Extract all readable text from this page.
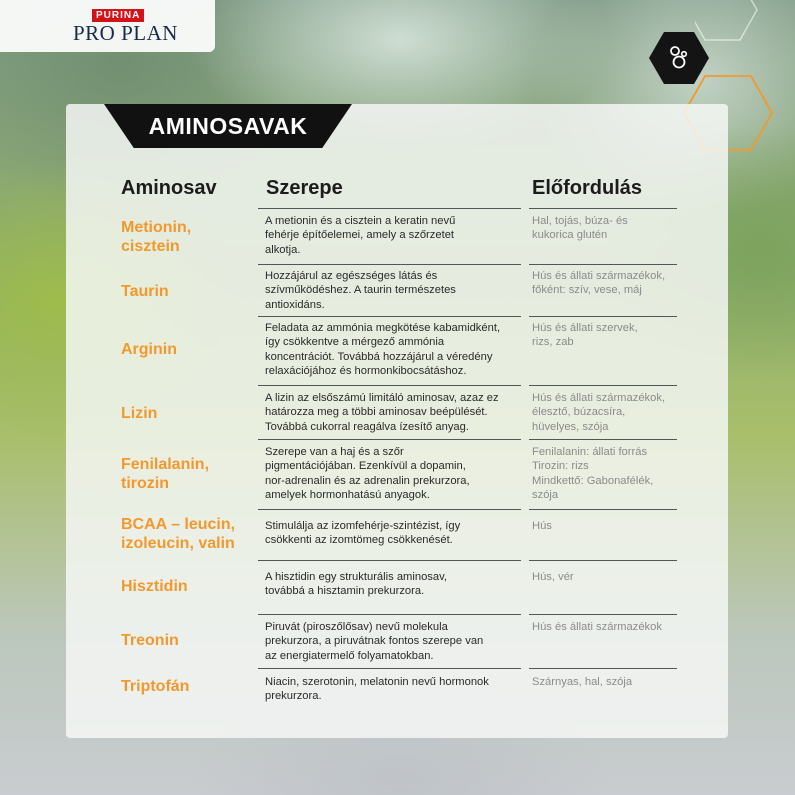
PURINA
PRO PLAN
AMINOSAVAK
Aminosav Szerepe	Előfordulás
Metionin,
cisztein
A metionin és a cisztein a keratin nevű
fehérje építőelemei, amely a szőrzetet
alkotja.
Hal, tojás, búza- és
kukorica glutén
Taurin
Hozzájárul az egészséges látás és
szívműködéshez. A taurin természetes
antioxidáns.
Hús és állati származékok,
főként: szív, vese, máj
Arginin
Feladata az ammónia megkötése kabamidként,
így csökkentve a mérgező ammónia
koncentrációt. Továbbá hozzájárul a véredény
relaxációjához és hormonkibocsátáshoz.
Hús és állati szervek,
rizs, zab
Lizin
A lizin az elsőszámú limitáló aminosav, azaz ez
határozza meg a többi aminosav beépülését.
Továbbá cukorral reagálva ízesítő anyag.
Hús és állati származékok,
élesztő, búzacsíra,
hüvelyes, szója
Fenilalanin,
tirozin
Szerepe van a haj és a szőr
pigmentációjában. Ezenkívül a dopamin,
nor-adrenalin és az adrenalin prekurzora,
amelyek hormonhatású anyagok.
Fenilalanin: állati forrás
Tirozin: rizs
Mindkettő: Gabonafélék,
szója
BCAA – leucin,
izoleucin, valin
Stimulálja az izomfehérje-szintézist, így
csökkenti az izomtömeg csökkenését.
Hús
Hisztidin
A hisztidin egy strukturális aminosav,
továbbá a hisztamin prekurzora.
Hús, vér
Treonin
Piruvát (piroszőlősav) nevű molekula
prekurzora, a piruvátnak fontos szerepe van
az energiatermelő folyamatokban.
Hús és állati származékok
Triptofán	Niacin, szerotonin, melatonin nevű hormonok
prekurzora.
Szárnyas, hal, szója
